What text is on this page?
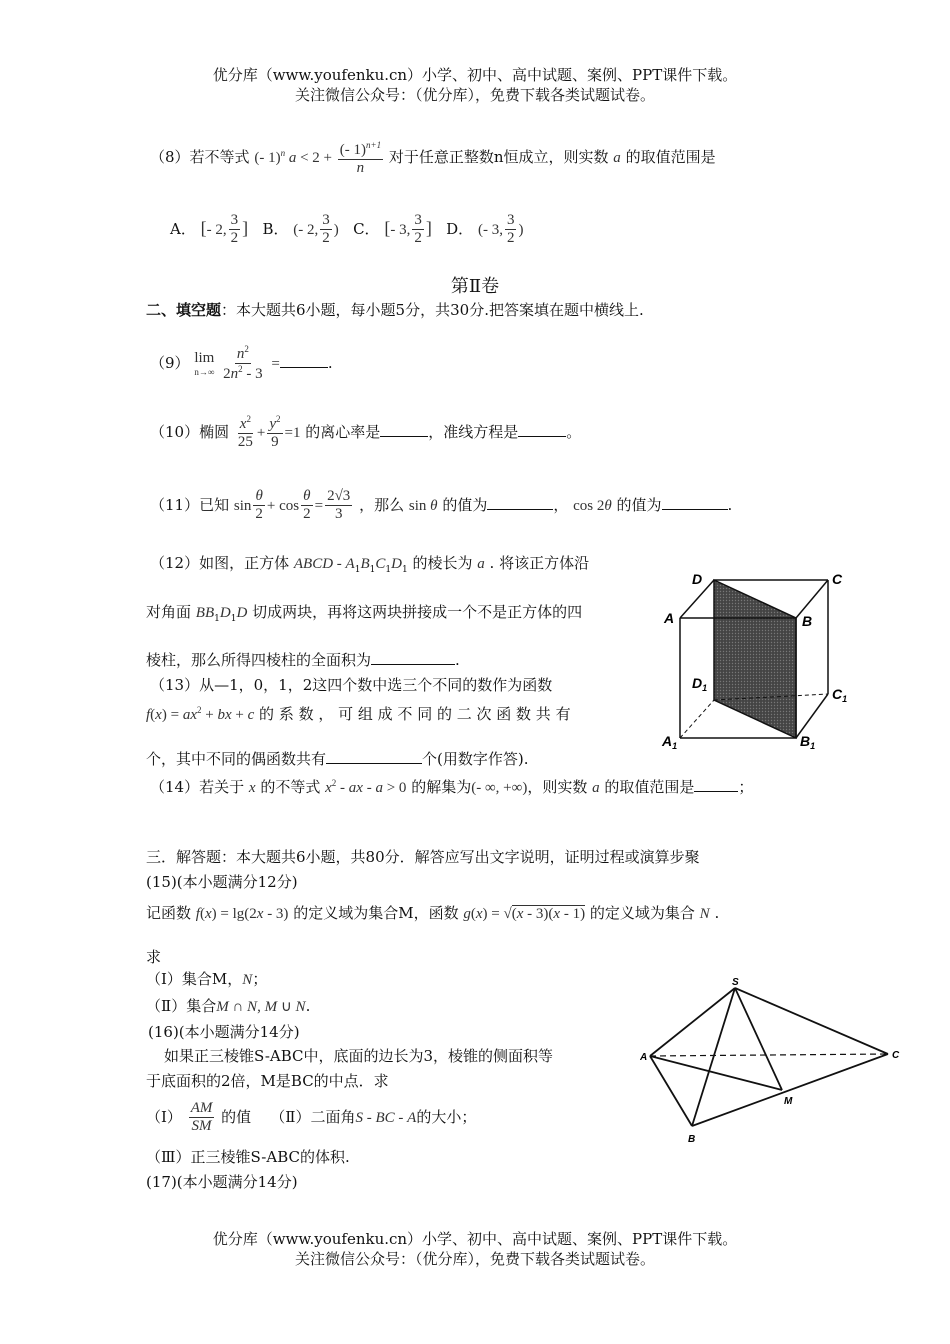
优分库（www.youfenku.cn）小学、初中、高中试题、案例、PPT课件下载。
关注微信公众号：（优分库），免费下载各类试题试卷。
（8）若不等式 (- 1)$^n$ $a < 2 + \frac{(- 1)^{n+1}}{n}$ 对于任意正整数n恒成立，则实数 a 的取值范围是
A． [- 2, $\frac{3}{2}$ ] B． (- 2, $\frac{3}{2}$ ) C． [- 3, $\frac{3}{2}$ ] D． (- 3, $\frac{3}{2}$ )
第Ⅱ卷
二、填空题：本大题共6小题，每小题5分，共30分.把答案填在题中横线上.
（9） lim
n→∞
$\frac{n^2}{2n^2 - 3}$ =	.
（10）椭圆 $\frac{x^2}{25} + \frac{y^2}{9} =1$ 的离心率是	，准线方程是	。
（11）已知 $\sin \frac{\theta}{2} + \cos \frac{\theta}{2} = \frac{2√3}{3}$ ，那么 sin θ 的值为	， cos 2θ 的值为	.
（12）如图，正方体 ABCD - $A_1B_1C_1D_1$ 的棱长为 a . 将该正方体沿
对角面 $BB_1D_1D$ 切成两块，再将这两块拼接成一个不是正方体的四
棱柱，那么所得四棱柱的全面积为	.
（13）从—1，0，1，2这四个数中选三个不同的数作为函数
$f(x) = ax^2$ + bx + c 的 系 数 ， 可 组 成 不 同 的 二 次 函 数 共 有
个，其中不同的偶函数共有	个(用数字作答).
（14）若关于 x 的不等式 $x^2$ - ax - a > 0 的解集为(- ∞, +∞)，则实数 a 的取值范围是	；
三．解答题：本大题共6小题，共80分．解答应写出文字说明，证明过程或演算步聚
(15)(本小题满分12分)
记函数 f(x) = lg(2x - 3) 的定义域为集合M，函数 g(x) = √(x - 3)(x - 1) 的定义域为集合 N .
求
（Ⅰ）集合M，N；
（Ⅱ）集合M ∩ N, M ∪ N.
(16)(本小题满分14分)
如果正三棱锥S-ABC中，底面的边长为3，棱锥的侧面积等
于底面积的2倍，M是BC的中点．求
（Ⅰ） $\frac{AM}{SM}$ 的值 （Ⅱ）二面角S - BC - A的大小；
（Ⅲ）正三棱锥S-ABC的体积.
(17)(本小题满分14分)
D	C
A	B
$D_1$	$C_1$
$A_1$	$B_1$
S
A	C
M
B
优分库（www.youfenku.cn）小学、初中、高中试题、案例、PPT课件下载。
关注微信公众号：（优分库），免费下载各类试题试卷。
